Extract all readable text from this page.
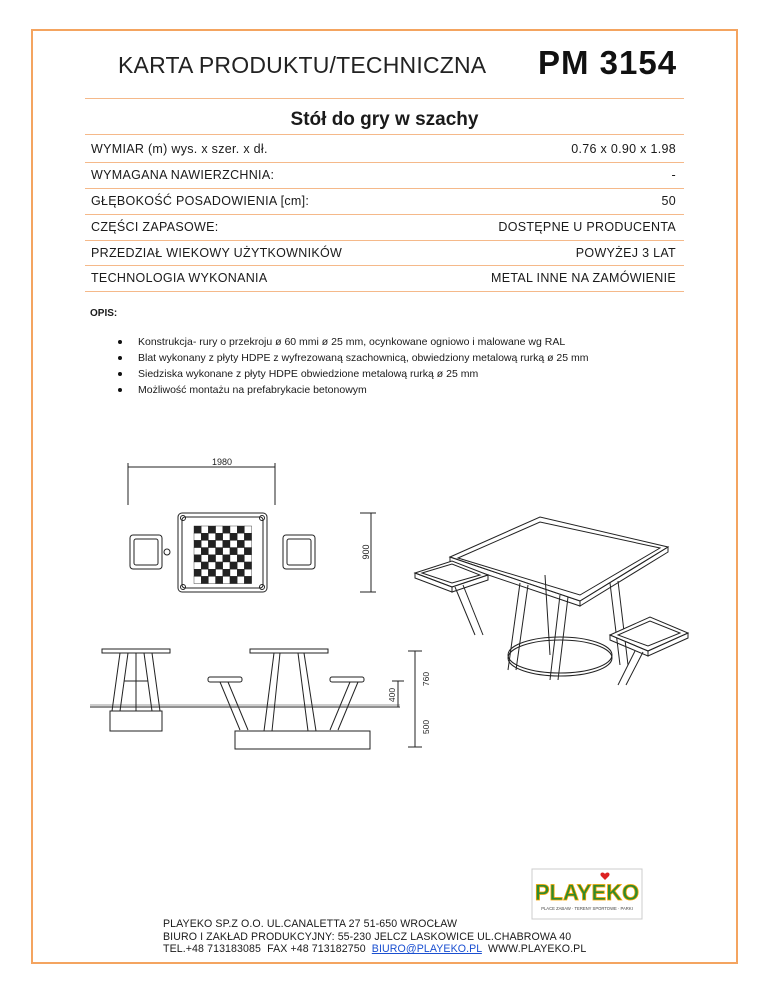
KARTA PRODUKTU/TECHNICZNA PM 3154
Stół do gry w szachy
WYMIAR (m) wys. x szer. x dł.	0.76 x 0.90 x 1.98
WYMAGANA NAWIERZCHNIA:	-
GŁĘBOKOŚĆ POSADOWIENIA [cm]:	50
CZĘŚCI ZAPASOWE:	DOSTĘPNE U PRODUCENTA
PRZEDZIAŁ WIEKOWY UŻYTKOWNIKÓW	POWYŻEJ 3 LAT
TECHNOLOGIA WYKONANIA	METAL INNE NA ZAMÓWIENIE
OPIS:
Konstrukcja- rury o przekroju ø 60 mmi ø 25 mm, ocynkowane ogniowo i malowane wg RAL
Blat wykonany z płyty HDPE z wyfrezowaną szachownicą, obwiedziony metalową rurką ø 25 mm
Siedziska wykonane z płyty HDPE obwiedzione metalową rurką ø 25 mm
Możliwość montażu na prefabrykacie betonowym
1980
900
400
760
500
PLAYEKO
PLACE ZABAW · TERENY SPORTOWE · PARKI
PLAYEKO SP.Z O.O. UL.CANALETTA 27 51-650 WROCŁAW
BIURO I ZAKŁAD PRODUKCYJNY: 55-230 JELCZ LASKOWICE UL.CHABROWA 40
TEL.+48 713183085  FAX +48 713182750  BIURO@PLAYEKO.PL  WWW.PLAYEKO.PL
